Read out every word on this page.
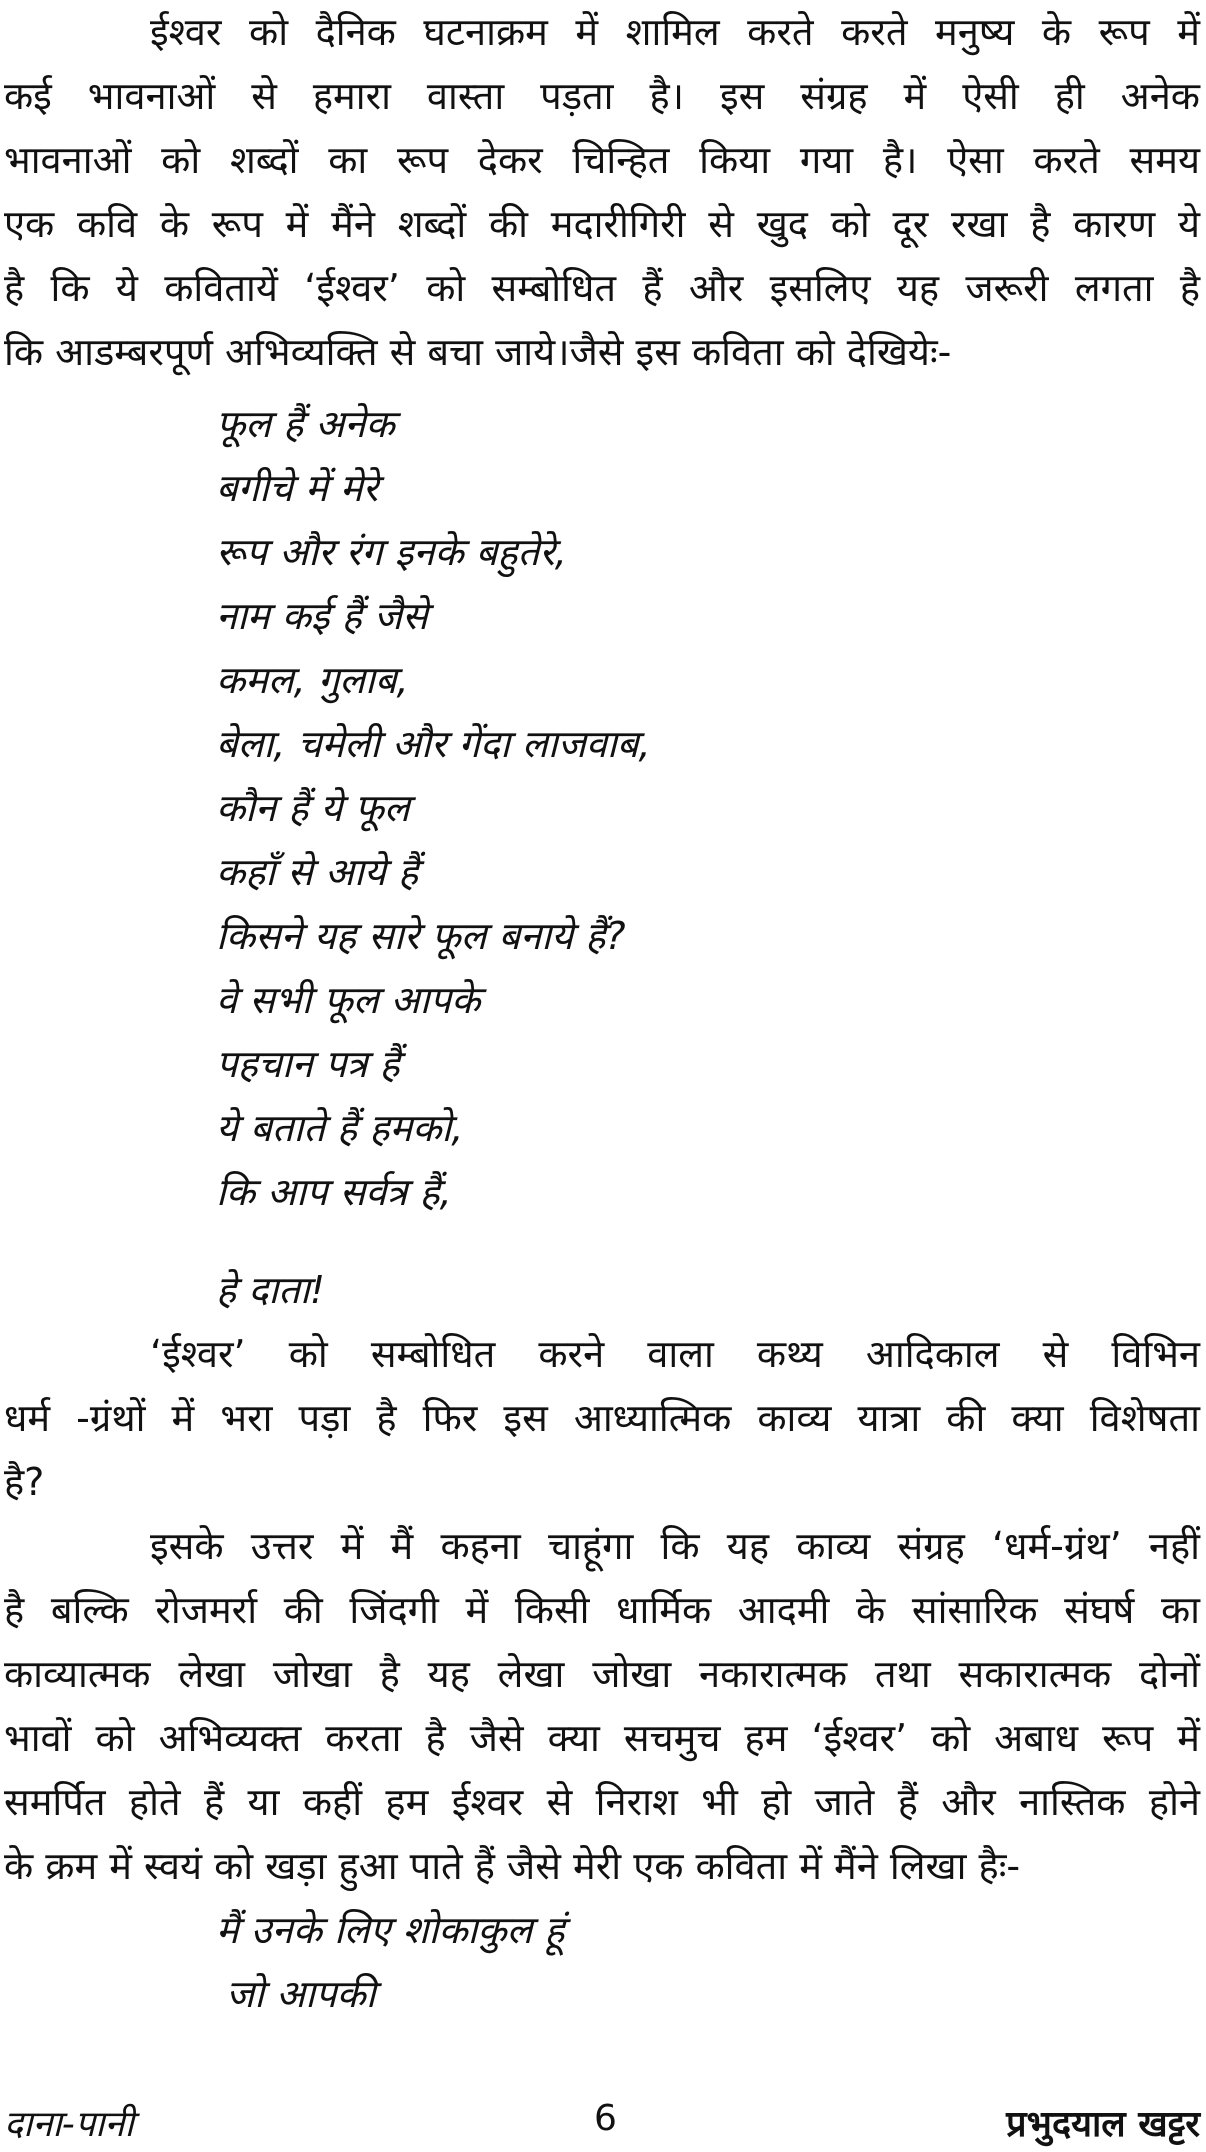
ईश्वर को दैनिक घटनाक्रम में शामिल करते करते मनुष्य के रूप में
कई भावनाओं से हमारा वास्ता पड़ता है। इस संग्रह में ऐसी ही अनेक
भावनाओं को शब्दों का रूप देकर चिन्हित किया गया है। ऐसा करते समय
एक कवि के रूप में मैंने शब्दों की मदारीगिरी से खुद को दूर रखा है कारण ये
है कि ये कवितायें ‘ईश्वर’ को सम्बोधित हैं और इसलिए यह जरूरी लगता है
कि आडम्बरपूर्ण अभिव्यक्ति से बचा जाये।जैसे इस कविता को देखियेः-
फूल हैं अनेक
बगीचे में मेरे
रूप और रंग इनके बहुतेरे,
नाम कई हैं जैसे
कमल, गुलाब,
बेला, चमेली और गेंदा लाजवाब,
कौन हैं ये फूल
कहाँ से आये हैं
किसने यह सारे फूल बनाये हैं?
वे सभी फूल आपके
पहचान पत्र हैं
ये बताते हैं हमको,
कि आप सर्वत्र हैं,
हे दाता!
‘ईश्वर’ को सम्बोधित करने वाला कथ्य आदिकाल से विभिन
धर्म -ग्रंथों में भरा पड़ा है फिर इस आध्यात्मिक काव्य यात्रा की क्या विशेषता
है?
इसके उत्तर में मैं कहना चाहूंगा कि यह काव्य संग्रह ‘धर्म-ग्रंथ’ नहीं
है बल्कि रोजमर्रा की जिंदगी में किसी धार्मिक आदमी के सांसारिक संघर्ष का
काव्यात्मक लेखा जोखा है यह लेखा जोखा नकारात्मक तथा सकारात्मक दोनों
भावों को अभिव्यक्त करता है जैसे क्या सचमुच हम ‘ईश्वर’ को अबाध रूप में
समर्पित होते हैं या कहीं हम ईश्वर से निराश भी हो जाते हैं और नास्तिक होने
के क्रम में स्वयं को खड़ा हुआ पाते हैं जैसे मेरी एक कविता में मैंने लिखा हैः-
मैं उनके लिए शोकाकुल हूं
जो आपकी
दाना-पानी	6	प्रभुदयाल खट्टर
